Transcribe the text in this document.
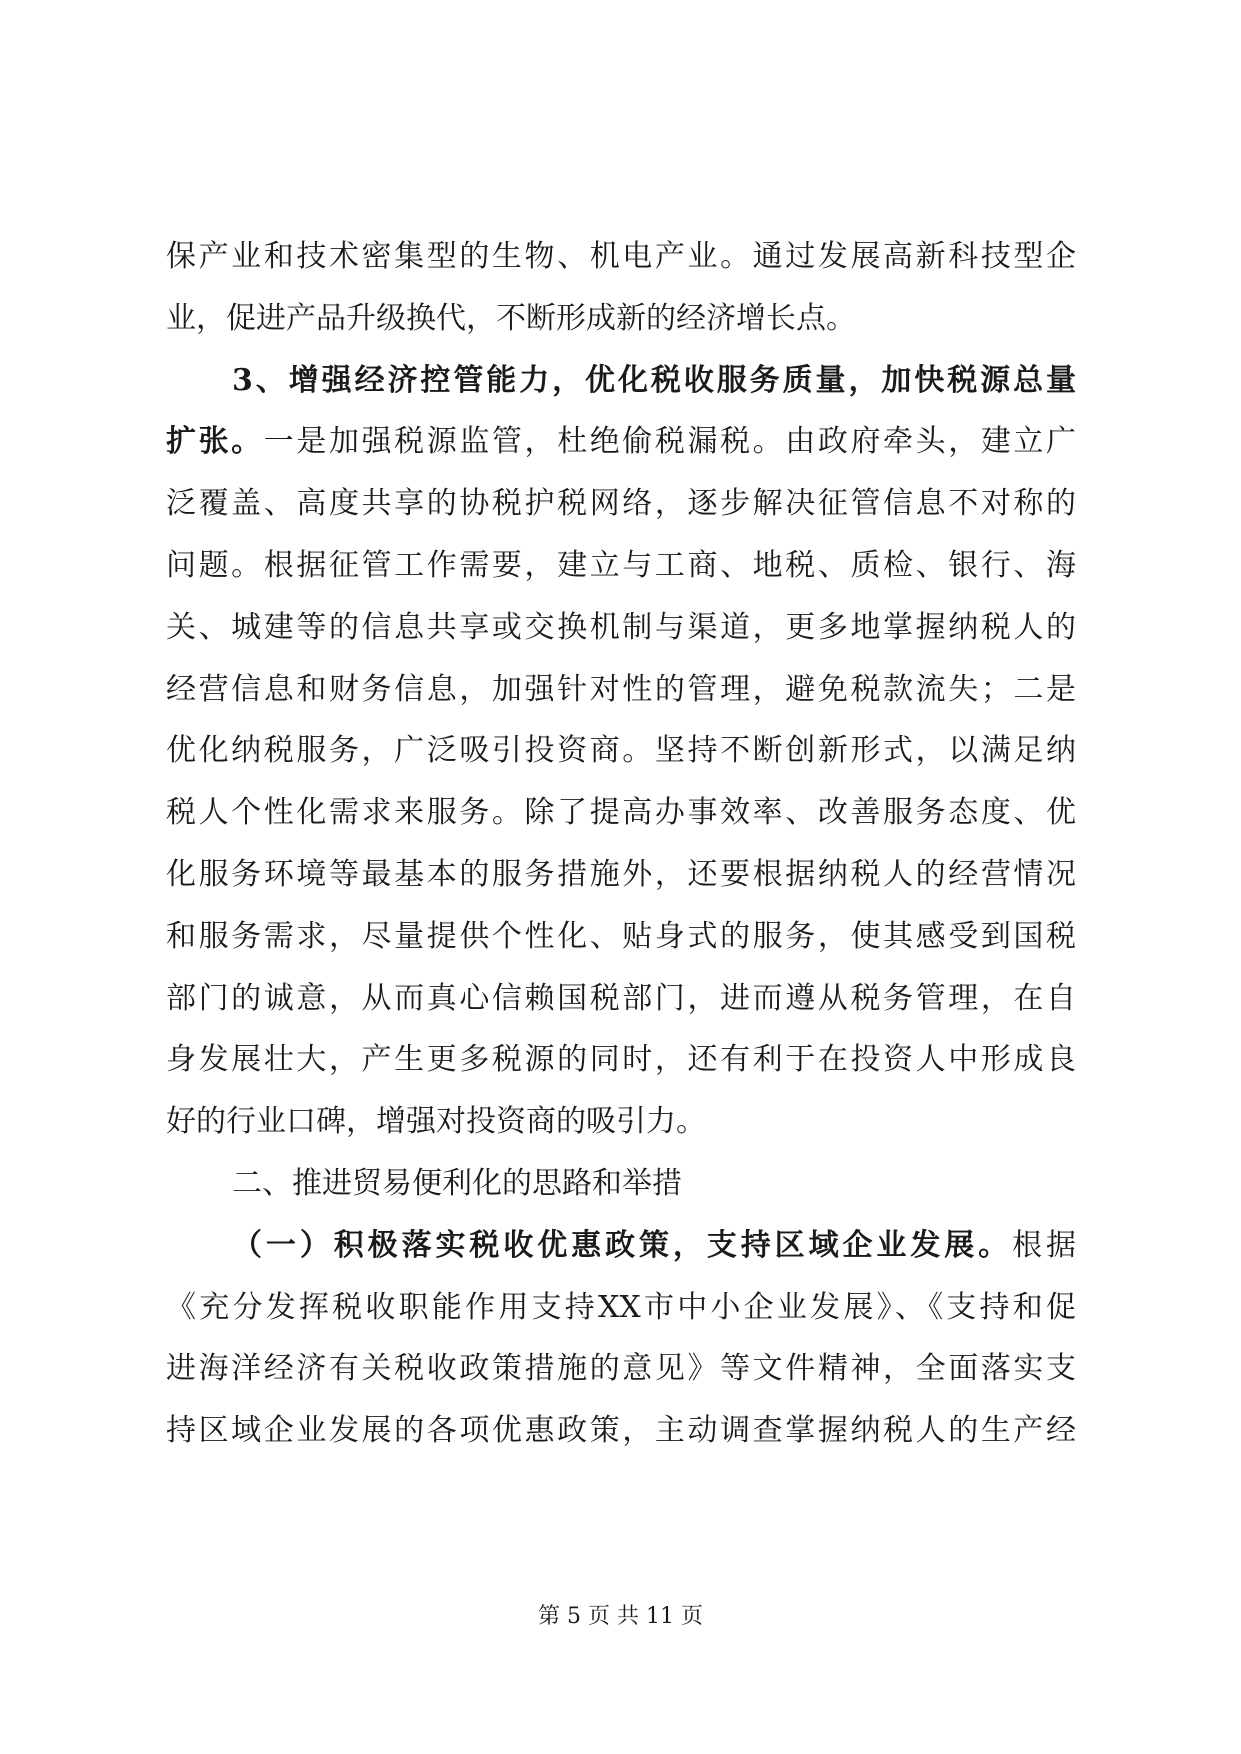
保产业和技术密集型的生物、机电产业。通过发展高新科技型企
业，促进产品升级换代，不断形成新的经济增长点。
3、增强经济控管能力，优化税收服务质量，加快税源总量
扩张。一是加强税源监管，杜绝偷税漏税。由政府牵头，建立广
泛覆盖、高度共享的协税护税网络，逐步解决征管信息不对称的
问题。根据征管工作需要，建立与工商、地税、质检、银行、海
关、城建等的信息共享或交换机制与渠道，更多地掌握纳税人的
经营信息和财务信息，加强针对性的管理，避免税款流失；二是
优化纳税服务，广泛吸引投资商。坚持不断创新形式，以满足纳
税人个性化需求来服务。除了提高办事效率、改善服务态度、优
化服务环境等最基本的服务措施外，还要根据纳税人的经营情况
和服务需求，尽量提供个性化、贴身式的服务，使其感受到国税
部门的诚意，从而真心信赖国税部门，进而遵从税务管理，在自
身发展壮大，产生更多税源的同时，还有利于在投资人中形成良
好的行业口碑，增强对投资商的吸引力。
二、推进贸易便利化的思路和举措
（一）积极落实税收优惠政策，支持区域企业发展。根据
《充分发挥税收职能作用支持XX市中小企业发展》、《支持和促
进海洋经济有关税收政策措施的意见》等文件精神，全面落实支
持区域企业发展的各项优惠政策，主动调查掌握纳税人的生产经
第 5 页 共 11 页
